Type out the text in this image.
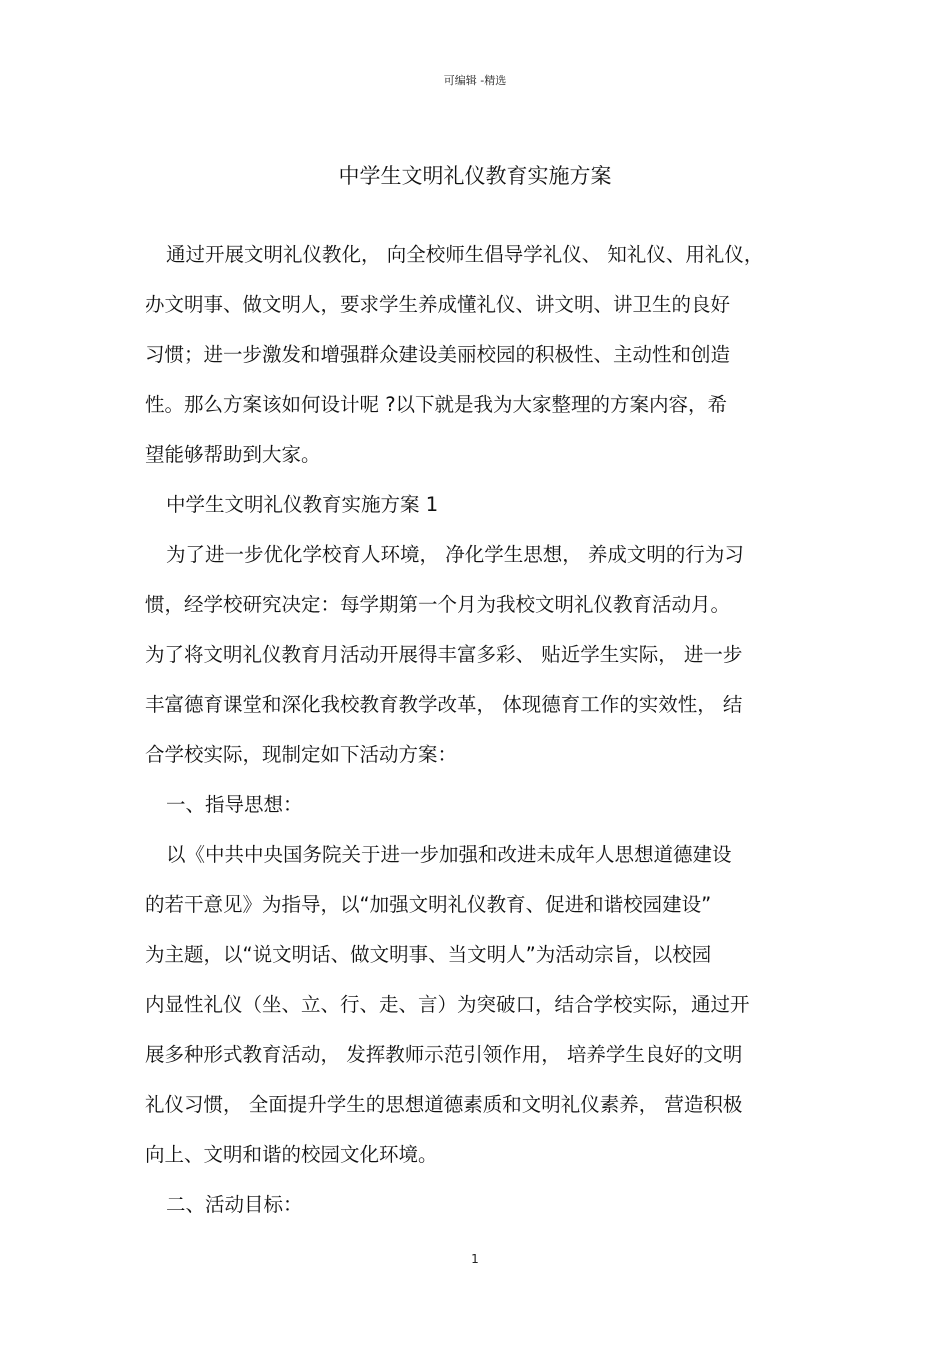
可编辑 -精选
中学生文明礼仪教育实施方案
通过开展文明礼仪教化， 向全校师生倡导学礼仪、 知礼仪、用礼仪，
办文明事、做文明人，要求学生养成懂礼仪、讲文明、讲卫生的良好
习惯；进一步激发和增强群众建设美丽校园的积极性、主动性和创造
性。那么方案该如何设计呢 ?以下就是我为大家整理的方案内容，希
望能够帮助到大家。
中学生文明礼仪教育实施方案 1
为了进一步优化学校育人环境， 净化学生思想， 养成文明的行为习
惯，经学校研究决定：每学期第一个月为我校文明礼仪教育活动月。
为了将文明礼仪教育月活动开展得丰富多彩、 贴近学生实际， 进一步
丰富德育课堂和深化我校教育教学改革， 体现德育工作的实效性， 结
合学校实际，现制定如下活动方案：
一、指导思想：
以《中共中央国务院关于进一步加强和改进未成年人思想道德建设
的若干意见》为指导，以“加强文明礼仪教育、促进和谐校园建设”
为主题，以“说文明话、做文明事、当文明人”为活动宗旨，以校园
内显性礼仪（坐、立、行、走、言）为突破口，结合学校实际，通过开
展多种形式教育活动， 发挥教师示范引领作用， 培养学生良好的文明
礼仪习惯， 全面提升学生的思想道德素质和文明礼仪素养， 营造积极
向上、文明和谐的校园文化环境。
二、活动目标：
1
